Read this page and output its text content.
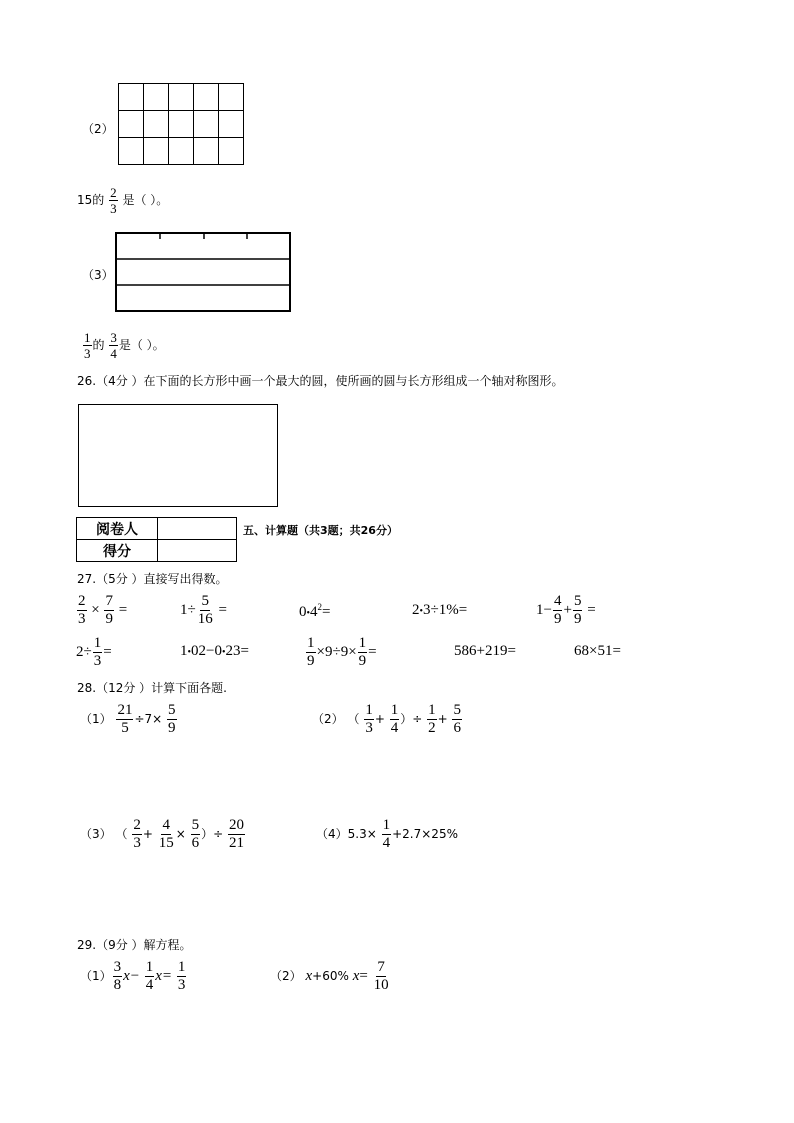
（2）

15的 $\frac{2}{3}$ 是（ ）。
（3）
$\frac{1}{3}$ 的 $\frac{3}{4}$ 是（ ）。
26.（4分 ）在下面的长方形中画一个最大的圆，使所画的圆与长方形组成一个轴对称图形。
阅卷人	
得分	
五、计算题（共3题；共26分）
27.（5分 ）直接写出得数。
$\frac{2}{3} \times \frac{7}{9}$ =	$1\div \frac{5}{16}$ =	$0•4^2=$	2•3÷1%=	$1- \frac{4}{9} + \frac{5}{9}$ =
$2\div \frac{1}{3}$ =	1•02−0•23=	$\frac{1}{9} \times 9\div 9\times \frac{1}{9}$ =	586+219=	68×51=
28.（12分 ）计算下面各题.
$(1) \frac{21}{5} \div 7\times \frac{5}{9}$	（2） （ $\frac{1}{3} + \frac{1}{4}$ ）÷ $\frac{1}{2} + \frac{5}{6}$
（3） （ $\frac{2}{3} + \frac{4}{15} \times \frac{5}{6}$ ）÷ $\frac{20}{21}$	$(4)5.3\times \frac{1}{4} +2.7\times 25\%$
29.（9分 ）解方程。
$(1) \frac{3}{8} x- \frac{1}{4} x= \frac{1}{3}$	（2） x+60% $x= \frac{7}{10}$
